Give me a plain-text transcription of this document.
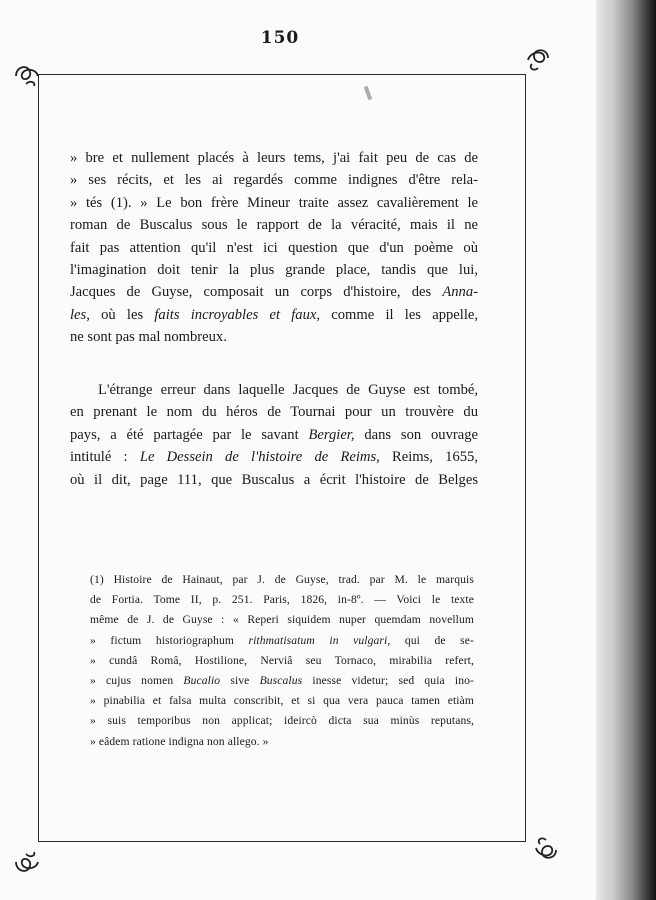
150
» bre et nullement placés à leurs tems, j'ai fait peu de cas de
» ses récits, et les ai regardés comme indignes d'être rela-
» tés (1). » Le bon frère Mineur traite assez cavalièrement le
roman de Buscalus sous le rapport de la véracité, mais il ne
fait pas attention qu'il n'est ici question que d'un poème où
l'imagination doit tenir la plus grande place, tandis que lui,
Jacques de Guyse, composait un corps d'histoire, des Anna-
les, où les faits incroyables et faux, comme il les appelle,
ne sont pas mal nombreux.
L'étrange erreur dans laquelle Jacques de Guyse est tombé,
en prenant le nom du héros de Tournai pour un trouvère du
pays, a été partagée par le savant Bergier, dans son ouvrage
intitulé : Le Dessein de l'histoire de Reims, Reims, 1655,
où il dit, page 111, que Buscalus a écrit l'histoire de Belges
(1) Histoire de Hainaut, par J. de Guyse, trad. par M. le marquis
de Fortia. Tome II, p. 251. Paris, 1826, in-8º. — Voici le texte
même de J. de Guyse : « Reperi siquidem nuper quemdam novellum
» fictum historiographum rithmatisatum in vulgari, qui de se-
» cundâ Româ, Hostilione, Nerviâ seu Tornaco, mirabilia refert,
» cujus nomen Bucalio sive Buscalus inesse videtur; sed quia ino-
» pinabilia et falsa multa conscribit, et si qua vera pauca tamen etiàm
» suis temporibus non applicat; ideircò dicta sua minùs reputans,
» eâdem ratione indigna non allego. »
